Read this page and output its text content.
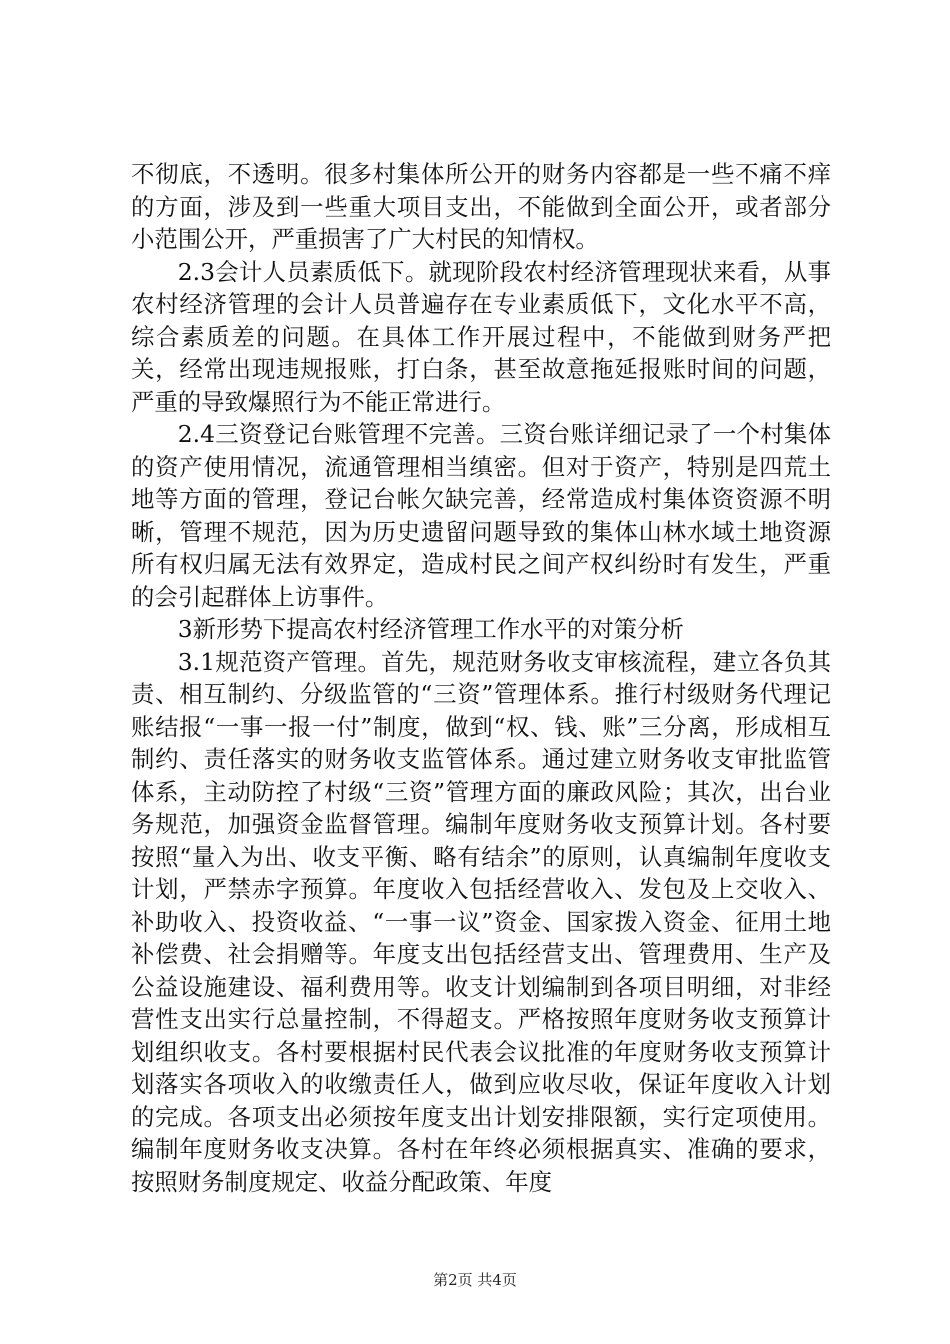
不彻底，不透明。很多村集体所公开的财务内容都是一些不痛不痒的方面，涉及到一些重大项目支出，不能做到全面公开，或者部分小范围公开，严重损害了广大村民的知情权。

2.3会计人员素质低下。就现阶段农村经济管理现状来看，从事农村经济管理的会计人员普遍存在专业素质低下，文化水平不高，综合素质差的问题。在具体工作开展过程中，不能做到财务严把关，经常出现违规报账，打白条，甚至故意拖延报账时间的问题，严重的导致爆照行为不能正常进行。

2.4三资登记台账管理不完善。三资台账详细记录了一个村集体的资产使用情况，流通管理相当缜密。但对于资产，特别是四荒土地等方面的管理，登记台帐欠缺完善，经常造成村集体资资源不明晰，管理不规范，因为历史遗留问题导致的集体山林水域土地资源所有权归属无法有效界定，造成村民之间产权纠纷时有发生，严重的会引起群体上访事件。

3新形势下提高农村经济管理工作水平的对策分析

3.1规范资产管理。首先，规范财务收支审核流程，建立各负其责、相互制约、分级监管的“三资”管理体系。推行村级财务代理记账结报“一事一报一付”制度，做到“权、钱、账”三分离，形成相互制约、责任落实的财务收支监管体系。通过建立财务收支审批监管体系，主动防控了村级“三资”管理方面的廉政风险；其次，出台业务规范，加强资金监督管理。编制年度财务收支预算计划。各村要按照“量入为出、收支平衡、略有结余”的原则，认真编制年度收支计划，严禁赤字预算。年度收入包括经营收入、发包及上交收入、补助收入、投资收益、“一事一议”资金、国家拨入资金、征用土地补偿费、社会捐赠等。年度支出包括经营支出、管理费用、生产及公益设施建设、福利费用等。收支计划编制到各项目明细，对非经营性支出实行总量控制，不得超支。严格按照年度财务收支预算计划组织收支。各村要根据村民代表会议批准的年度财务收支预算计划落实各项收入的收缴责任人，做到应收尽收，保证年度收入计划的完成。各项支出必须按年度支出计划安排限额，实行定项使用。编制年度财务收支决算。各村在年终必须根据真实、准确的要求，按照财务制度规定、收益分配政策、年度

第2页 共4页
